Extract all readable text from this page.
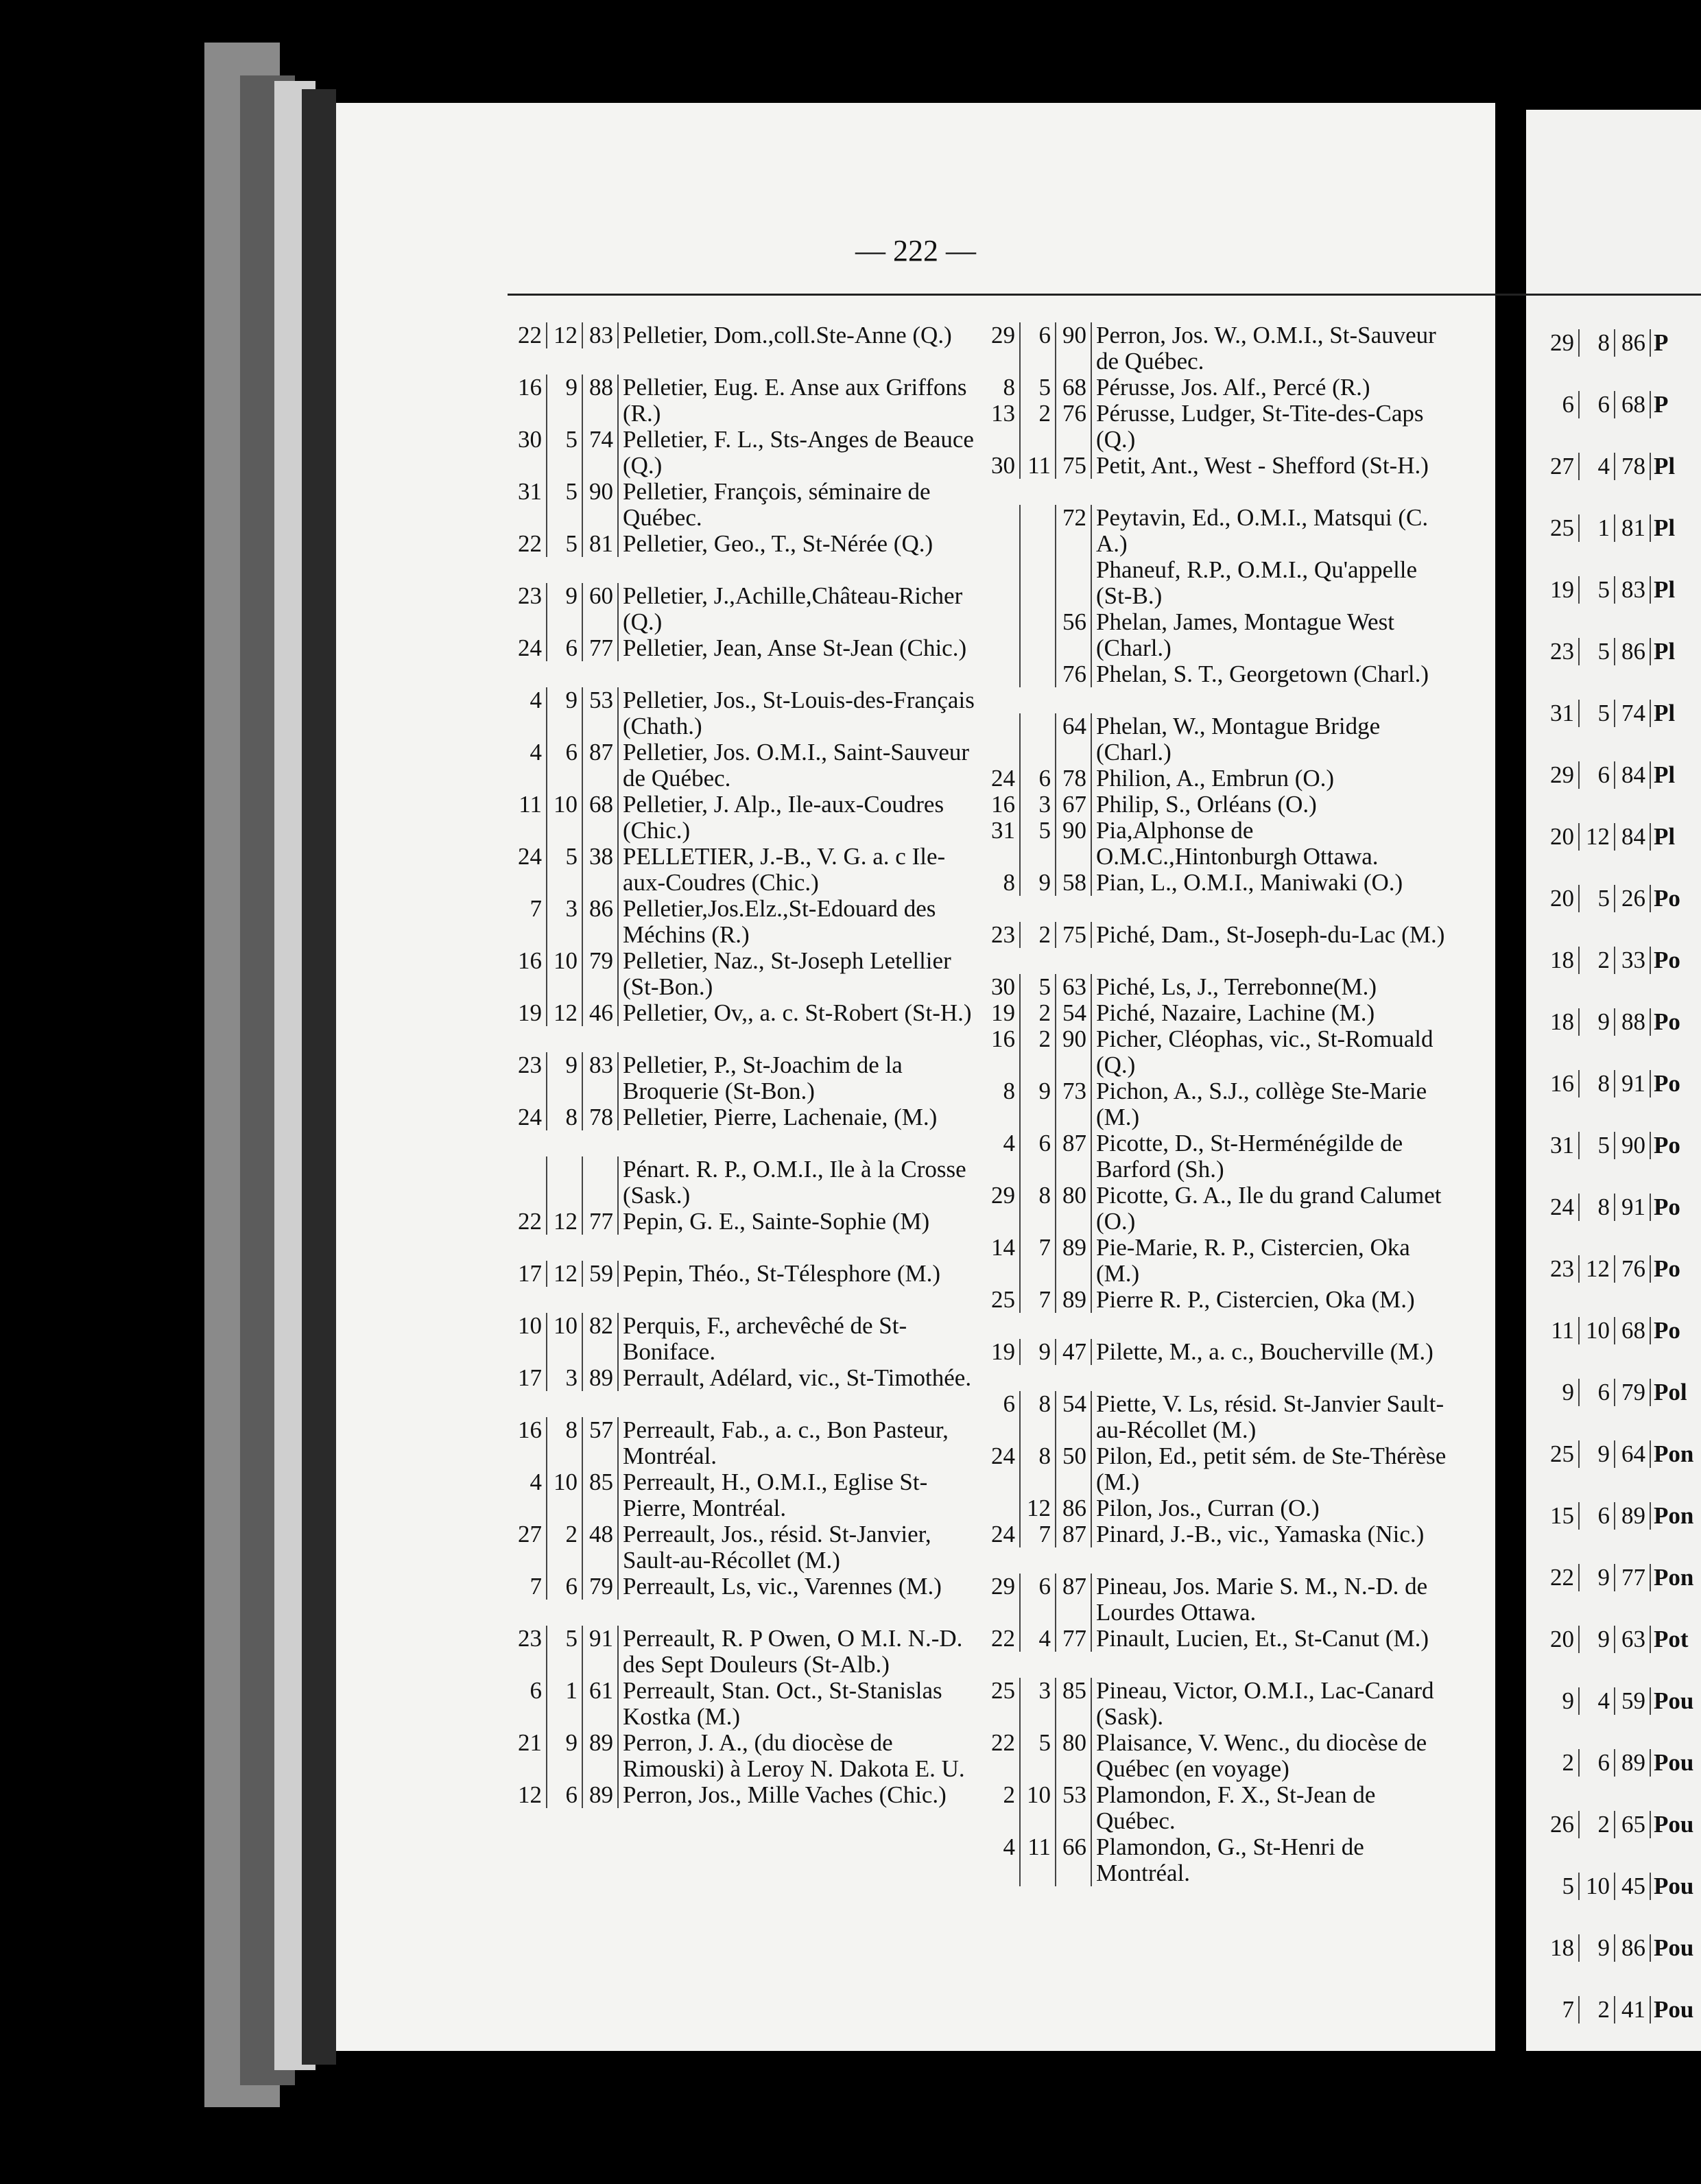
— 222 —
22 12 83 Pelletier, Dom.,coll.Ste-Anne (Q.)
16 9 88 Pelletier, Eug. E. Anse aux Griffons (R.)
30 5 74 Pelletier, F. L., Sts-Anges de Beauce (Q.)
31 5 90 Pelletier, François, séminaire de Québec.
22 5 81 Pelletier, Geo., T., St-Nérée (Q.)
23 9 60 Pelletier, J.,Achille,Château-Richer (Q.)
24 6 77 Pelletier, Jean, Anse St-Jean (Chic.)
4 9 53 Pelletier, Jos., St-Louis-des-Français (Chath.)
4 6 87 Pelletier, Jos. O.M.I., Saint-Sauveur de Québec.
11 10 68 Pelletier, J. Alp., Ile-aux-Coudres (Chic.)
24 5 38 PELLETIER, J.-B., V. G. a. c Ile-aux-Coudres (Chic.)
7 3 86 Pelletier,Jos.Elz.,St-Edouard des Méchins (R.)
16 10 79 Pelletier, Naz., St-Joseph Letellier (St-Bon.)
19 12 46 Pelletier, Ov,, a. c. St-Robert (St-H.)
23 9 83 Pelletier, P., St-Joachim de la Broquerie (St-Bon.)
24 8 78 Pelletier, Pierre, Lachenaie, (M.)
Pénart. R. P., O.M.I., Ile à la Crosse (Sask.)
22 12 77 Pepin, G. E., Sainte-Sophie (M)
17 12 59 Pepin, Théo., St-Télesphore (M.)
10 10 82 Perquis, F., archevêché de St-Boniface.
17 3 89 Perrault, Adélard, vic., St-Timothée.
16 8 57 Perreault, Fab., a. c., Bon Pasteur, Montréal.
4 10 85 Perreault, H., O.M.I., Eglise St-Pierre, Montréal.
27 2 48 Perreault, Jos., résid. St-Janvier, Sault-au-Récollet (M.)
7 6 79 Perreault, Ls, vic., Varennes (M.)
23 5 91 Perreault, R. P Owen, O M.I. N.-D. des Sept Douleurs (St-Alb.)
6 1 61 Perreault, Stan. Oct., St-Stanislas Kostka (M.)
21 9 89 Perron, J. A., (du diocèse de Rimouski) à Leroy N. Dakota E. U.
12 6 89 Perron, Jos., Mille Vaches (Chic.)
29 6 90 Perron, Jos. W., O.M.I., St-Sauveur de Québec.
8 5 68 Pérusse, Jos. Alf., Percé (R.)
13 2 76 Pérusse, Ludger, St-Tite-des-Caps (Q.)
30 11 75 Petit, Ant., West - Shefford (St-H.)
72 Peytavin, Ed., O.M.I., Matsqui (C. A.)
Phaneuf, R.P., O.M.I., Qu'appelle (St-B.)
56 Phelan, James, Montague West (Charl.)
76 Phelan, S. T., Georgetown (Charl.)
64 Phelan, W., Montague Bridge (Charl.)
24 6 78 Philion, A., Embrun (O.)
16 3 67 Philip, S., Orléans (O.)
31 5 90 Pia,Alphonse de O.M.C.,Hintonburgh Ottawa.
8 9 58 Pian, L., O.M.I., Maniwaki (O.)
23 2 75 Piché, Dam., St-Joseph-du-Lac (M.)
30 5 63 Piché, Ls, J., Terrebonne(M.)
19 2 54 Piché, Nazaire, Lachine (M.)
16 2 90 Picher, Cléophas, vic., St-Romuald (Q.)
8 9 73 Pichon, A., S.J., collège Ste-Marie (M.)
4 6 87 Picotte, D., St-Herménégilde de Barford (Sh.)
29 8 80 Picotte, G. A., Ile du grand Calumet (O.)
14 7 89 Pie-Marie, R. P., Cistercien, Oka (M.)
25 7 89 Pierre R. P., Cistercien, Oka (M.)
19 9 47 Pilette, M., a. c., Boucherville (M.)
6 8 54 Piette, V. Ls, résid. St-Janvier Sault-au-Récollet (M.)
24 8 50 Pilon, Ed., petit sém. de Ste-Thérèse (M.)
12 86 Pilon, Jos., Curran (O.)
24 7 87 Pinard, J.-B., vic., Yamaska (Nic.)
29 6 87 Pineau, Jos. Marie S. M., N.-D. de Lourdes Ottawa.
22 4 77 Pinault, Lucien, Et., St-Canut (M.)
25 3 85 Pineau, Victor, O.M.I., Lac-Canard (Sask).
22 5 80 Plaisance, V. Wenc., du diocèse de Québec (en voyage)
2 10 53 Plamondon, F. X., St-Jean de Québec.
4 11 66 Plamondon, G., St-Henri de Montréal.
29 8 86 P
6 6 68 P
27 4 78 Pl
25 1 81 Pl
19 5 83 Pl
23 5 86 Pl
31 5 74 Pl
29 6 84 Pl
20 12 84 Pl
20 5 26 Po
18 2 33 Po
18 9 88 Po
16 8 91 Po
31 5 90 Po
24 8 91 Po
23 12 76 Po
11 10 68 Po
9 6 79 Pol
25 9 64 Pon
15 6 89 Pon
22 9 77 Pon
20 9 63 Pot
9 4 59 Pou
2 6 89 Pou
26 2 65 Pou
5 10 45 Pou
18 9 86 Pou
7 2 41 Pou
